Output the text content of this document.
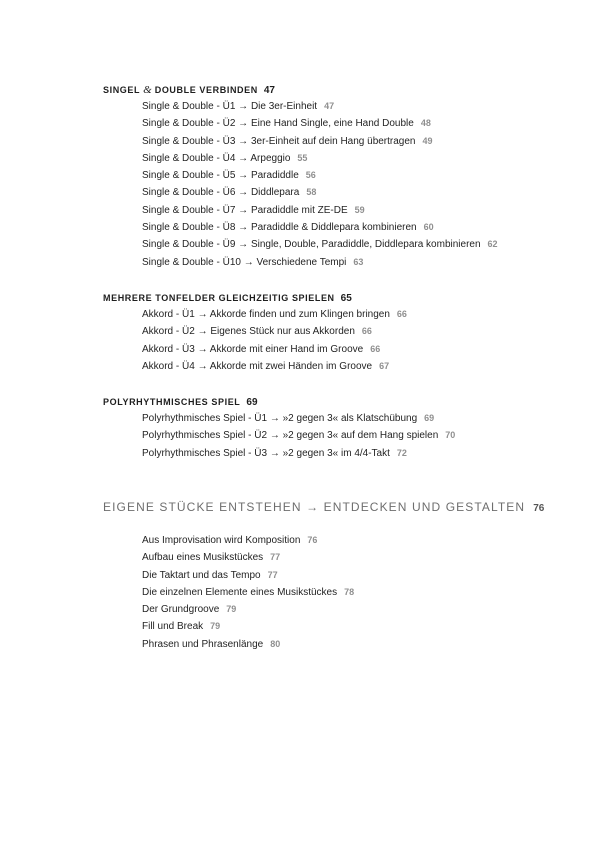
SINGEL & DOUBLE VERBINDEN 47
Single & Double - Ü1 → Die 3er-Einheit 47
Single & Double - Ü2 → Eine Hand Single, eine Hand Double 48
Single & Double - Ü3 → 3er-Einheit auf dein Hang übertragen 49
Single & Double - Ü4 → Arpeggio 55
Single & Double - Ü5 → Paradiddle 56
Single & Double - Ü6 → Diddlepara 58
Single & Double - Ü7 → Paradiddle mit ZE-DE 59
Single & Double - Ü8 → Paradiddle & Diddlepara kombinieren 60
Single & Double - Ü9 → Single, Double, Paradiddle, Diddlepara kombinieren 62
Single & Double - Ü10 → Verschiedene Tempi 63
MEHRERE TONFELDER GLEICHZEITIG SPIELEN 65
Akkord - Ü1 → Akkorde finden und zum Klingen bringen 66
Akkord - Ü2 → Eigenes Stück nur aus Akkorden 66
Akkord - Ü3 → Akkorde mit einer Hand im Groove 66
Akkord - Ü4 → Akkorde mit zwei Händen im Groove 67
POLYRHYTHMISCHES SPIEL 69
Polyrhythmisches Spiel - Ü1 → »2 gegen 3« als Klatschübung 69
Polyrhythmisches Spiel - Ü2 → »2 gegen 3« auf dem Hang spielen 70
Polyrhythmisches Spiel - Ü3 → »2 gegen 3« im 4/4-Takt 72
EIGENE STÜCKE ENTSTEHEN → ENTDECKEN UND GESTALTEN 76
Aus Improvisation wird Komposition 76
Aufbau eines Musikstückes 77
Die Taktart und das Tempo 77
Die einzelnen Elemente eines Musikstückes 78
Der Grundgroove 79
Fill und Break 79
Phrasen und Phrasenlänge 80
